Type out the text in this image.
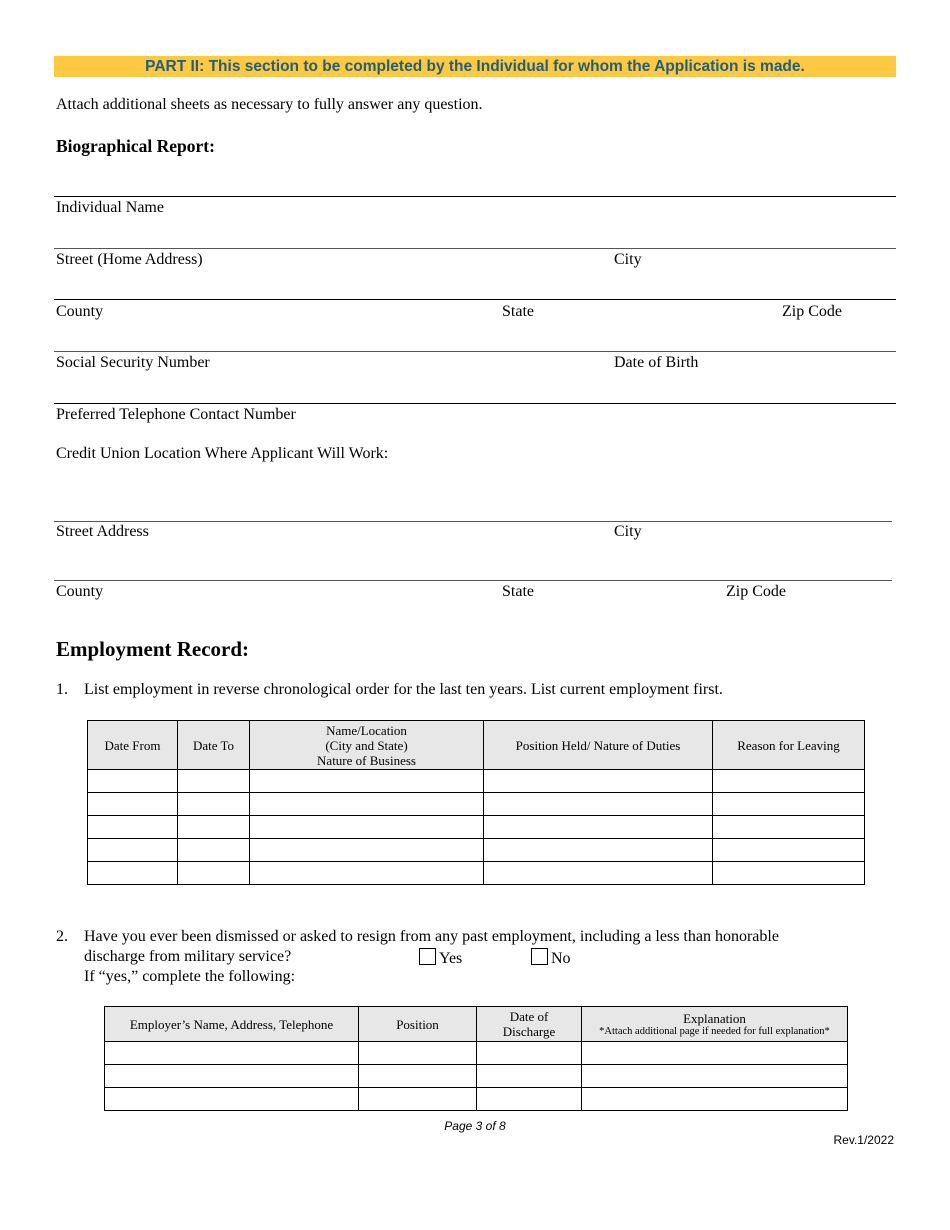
PART II: This section to be completed by the Individual for whom the Application is made.
Attach additional sheets as necessary to fully answer any question.
Biographical Report:
Individual Name
Street (Home Address)	City
County	State	Zip Code
Social Security Number	Date of Birth
Preferred Telephone Contact Number
Credit Union Location Where Applicant Will Work:
Street Address	City
County	State	Zip Code
Employment Record:
1. List employment in reverse chronological order for the last ten years. List current employment first.
Date From	Date To	Name/Location
(City and State)
Nature of Business	Position Held/ Nature of Duties	Reason for Leaving

2. Have you ever been dismissed or asked to resign from any past employment, including a less than honorable
discharge from military service?	Yes	No
If “yes,” complete the following:
Employer’s Name, Address, Telephone	Position	Date of
Discharge	Explanation
*Attach additional page if needed for full explanation*

Page 3 of 8
Rev.1/2022
